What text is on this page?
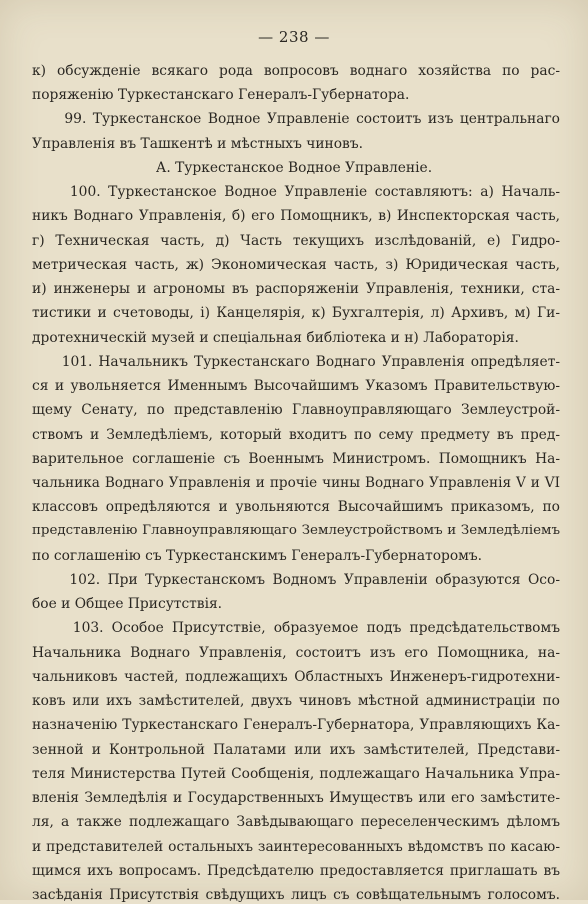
— 238 —
к) обсужденіе всякаго рода вопросовъ воднаго хозяйства по рас-
поряженію Туркестанскаго Генералъ-Губернатора.
99. Туркестанское Водное Управленіе состоитъ изъ центральнаго
Управленія въ Ташкентѣ и мѣстныхъ чиновъ.
А. Туркестанское Водное Управленіе.
100. Туркестанское Водное Управленіе составляютъ: а) Началь-
никъ Воднаго Управленія, б) его Помощникъ, в) Инспекторская часть,
г) Техническая часть, д) Часть текущихъ изслѣдованій, е) Гидро-
метрическая часть, ж) Экономическая часть, з) Юридическая часть,
и) инженеры и агрономы въ распоряженіи Управленія, техники, ста-
тистики и счетоводы, і) Канцелярія, к) Бухгалтерія, л) Архивъ, м) Ги-
дротехническій музей и спеціальная библіотека и н) Лабораторія.
101. Начальникъ Туркестанскаго Воднаго Управленія опредѣляет-
ся и увольняется Именнымъ Высочайшимъ Указомъ Правительствую-
щему Сенату, по представленію Главноуправляющаго Землеустрой-
ствомъ и Земледѣліемъ, который входитъ по сему предмету въ пред-
варительное соглашеніе съ Военнымъ Министромъ. Помощникъ На-
чальника Воднаго Управленія и прочіе чины Воднаго Управленія V и VI
классовъ опредѣляются и увольняются Высочайшимъ приказомъ, по
представленію Главноуправляющаго Землеустройствомъ и Земледѣліемъ
по соглашенію съ Туркестанскимъ Генералъ-Губернаторомъ.
102. При Туркестанскомъ Водномъ Управленіи образуются Осо-
бое и Общее Присутствія.
103. Особое Присутствіе, образуемое подъ предсѣдательствомъ
Начальника Воднаго Управленія, состоитъ изъ его Помощника, на-
чальниковъ частей, подлежащихъ Областныхъ Инженеръ-гидротехни-
ковъ или ихъ замѣстителей, двухъ чиновъ мѣстной администраціи по
назначенію Туркестанскаго Генералъ-Губернатора, Управляющихъ Ка-
зенной и Контрольной Палатами или ихъ замѣстителей, Представи-
теля Министерства Путей Сообщенія, подлежащаго Начальника Упра-
вленія Земледѣлія и Государственныхъ Имуществъ или его замѣстите-
ля, а также подлежащаго Завѣдывающаго переселенческимъ дѣломъ
и представителей остальныхъ заинтересованныхъ вѣдомствъ по касаю-
щимся ихъ вопросамъ. Предсѣдателю предоставляется приглашать въ
засѣданія Присутствія свѣдущихъ лицъ съ совѣщательнымъ голосомъ.
